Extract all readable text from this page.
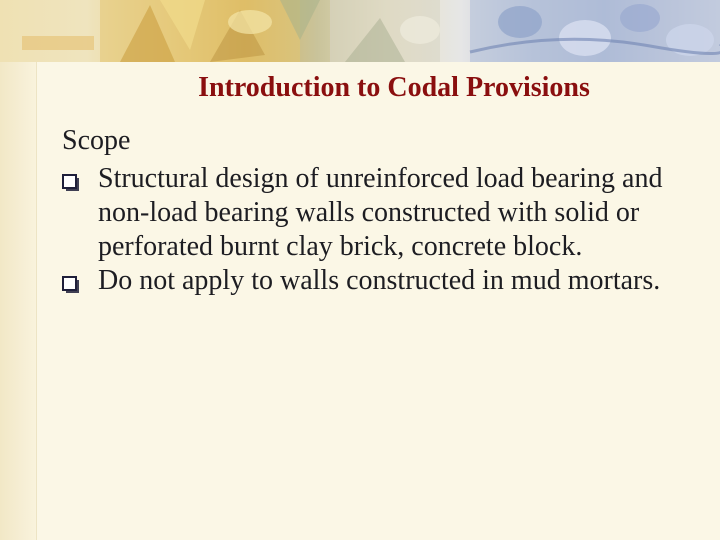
Introduction to Codal Provisions
Scope
Structural design of unreinforced load bearing and non-load bearing walls constructed with solid or perforated burnt clay brick, concrete block.
Do not apply to walls constructed in mud mortars.
